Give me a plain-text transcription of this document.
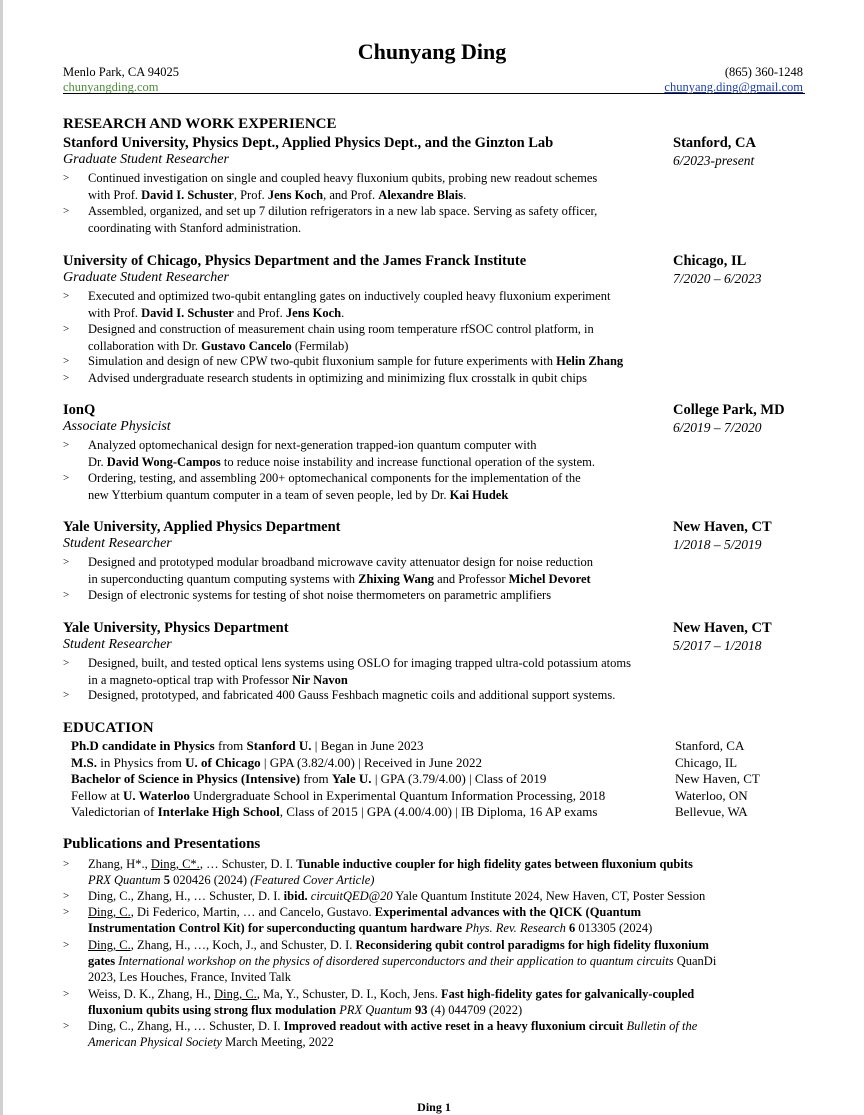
Chunyang Ding
Menlo Park, CA 94025
chunyangding.com
(865) 360-1248
chunyang.ding@gmail.com
RESEARCH AND WORK EXPERIENCE
Stanford University, Physics Dept., Applied Physics Dept., and the Ginzton Lab	Stanford, CA
Graduate Student Researcher	6/2023-present
> Continued investigation on single and coupled heavy fluxonium qubits, probing new readout schemes
with Prof. David I. Schuster, Prof. Jens Koch, and Prof. Alexandre Blais.
> Assembled, organized, and set up 7 dilution refrigerators in a new lab space. Serving as safety officer,
coordinating with Stanford administration.
University of Chicago, Physics Department and the James Franck Institute	Chicago, IL
Graduate Student Researcher	7/2020 – 6/2023
> Executed and optimized two-qubit entangling gates on inductively coupled heavy fluxonium experiment
with Prof. David I. Schuster and Prof. Jens Koch.
> Designed and construction of measurement chain using room temperature rfSOC control platform, in
collaboration with Dr. Gustavo Cancelo (Fermilab)
> Simulation and design of new CPW two-qubit fluxonium sample for future experiments with Helin Zhang
> Advised undergraduate research students in optimizing and minimizing flux crosstalk in qubit chips
IonQ	College Park, MD
Associate Physicist	6/2019 – 7/2020
> Analyzed optomechanical design for next-generation trapped-ion quantum computer with
Dr. David Wong-Campos to reduce noise instability and increase functional operation of the system.
> Ordering, testing, and assembling 200+ optomechanical components for the implementation of the
new Ytterbium quantum computer in a team of seven people, led by Dr. Kai Hudek
Yale University, Applied Physics Department	New Haven, CT
Student Researcher	1/2018 – 5/2019
> Designed and prototyped modular broadband microwave cavity attenuator design for noise reduction
in superconducting quantum computing systems with Zhixing Wang and Professor Michel Devoret
> Design of electronic systems for testing of shot noise thermometers on parametric amplifiers
Yale University, Physics Department	New Haven, CT
Student Researcher	5/2017 – 1/2018
> Designed, built, and tested optical lens systems using OSLO for imaging trapped ultra-cold potassium atoms
in a magneto-optical trap with Professor Nir Navon
> Designed, prototyped, and fabricated 400 Gauss Feshbach magnetic coils and additional support systems.
EDUCATION
Ph.D candidate in Physics from Stanford U. | Began in June 2023	Stanford, CA
M.S. in Physics from U. of Chicago | GPA (3.82/4.00) | Received in June 2022	Chicago, IL
Bachelor of Science in Physics (Intensive) from Yale U. | GPA (3.79/4.00) | Class of 2019	New Haven, CT
Fellow at U. Waterloo Undergraduate School in Experimental Quantum Information Processing, 2018	Waterloo, ON
Valedictorian of Interlake High School, Class of 2015 | GPA (4.00/4.00) | IB Diploma, 16 AP exams	Bellevue, WA
Publications and Presentations
> Zhang, H*., Ding, C*., … Schuster, D. I. Tunable inductive coupler for high fidelity gates between fluxonium qubits
PRX Quantum 5 020426 (2024) (Featured Cover Article)
> Ding, C., Zhang, H., … Schuster, D. I. ibid. circuitQED@20 Yale Quantum Institute 2024, New Haven, CT, Poster Session
> Ding, C., Di Federico, Martin, … and Cancelo, Gustavo. Experimental advances with the QICK (Quantum
Instrumentation Control Kit) for superconducting quantum hardware Phys. Rev. Research 6 013305 (2024)
> Ding, C., Zhang, H., …, Koch, J., and Schuster, D. I. Reconsidering qubit control paradigms for high fidelity fluxonium
gates International workshop on the physics of disordered superconductors and their application to quantum circuits QuanDi
2023, Les Houches, France, Invited Talk
> Weiss, D. K., Zhang, H., Ding, C., Ma, Y., Schuster, D. I., Koch, Jens. Fast high-fidelity gates for galvanically-coupled
fluxonium qubits using strong flux modulation PRX Quantum 93 (4) 044709 (2022)
> Ding, C., Zhang, H., … Schuster, D. I. Improved readout with active reset in a heavy fluxonium circuit Bulletin of the
American Physical Society March Meeting, 2022
Ding 1
